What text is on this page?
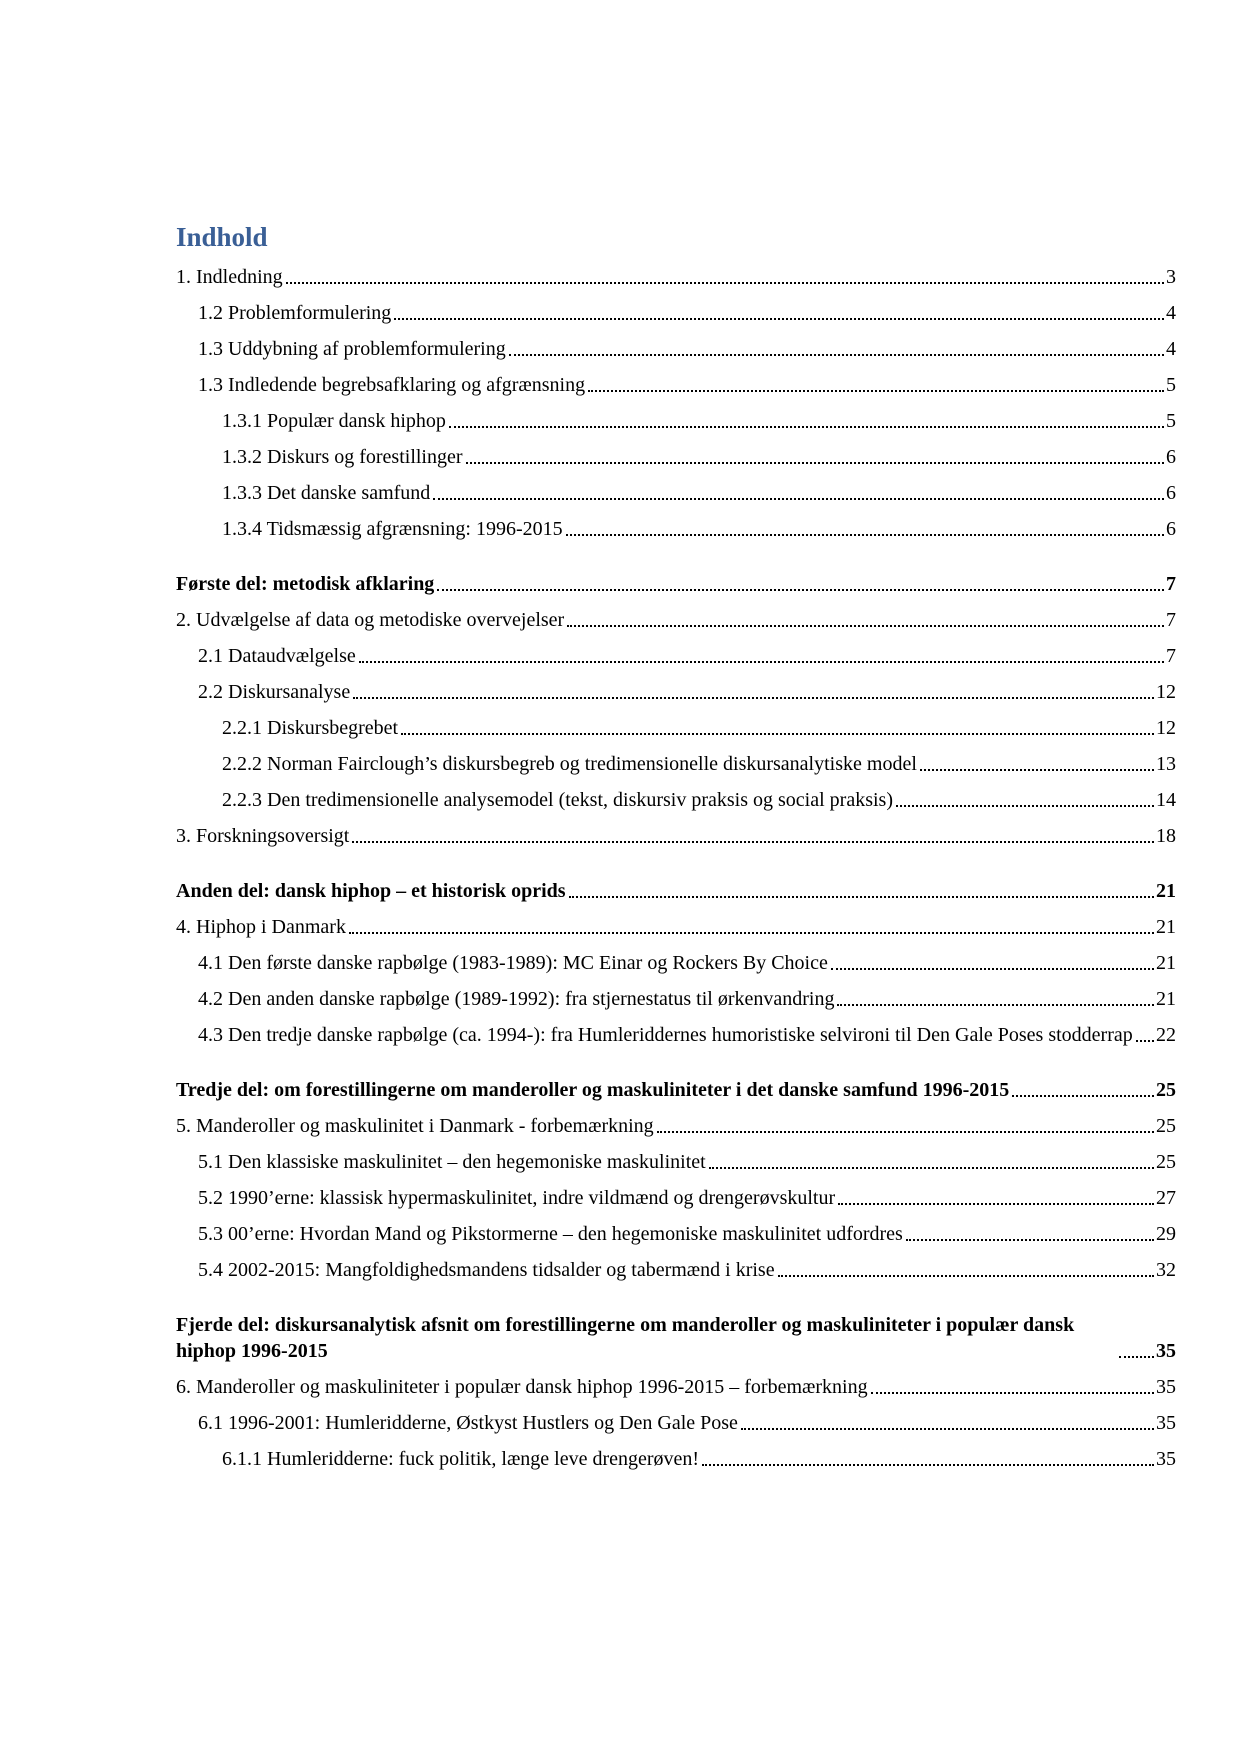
Indhold
1. Indledning	3
1.2 Problemformulering	4
1.3 Uddybning af problemformulering	4
1.3 Indledende begrebsafklaring og afgrænsning	5
1.3.1 Populær dansk hiphop	5
1.3.2 Diskurs og forestillinger	6
1.3.3 Det danske samfund	6
1.3.4 Tidsmæssig afgrænsning: 1996-2015	6
Første del: metodisk afklaring	7
2. Udvælgelse af data og metodiske overvejelser	7
2.1 Dataudvælgelse	7
2.2 Diskursanalyse	12
2.2.1 Diskursbegrebet	12
2.2.2 Norman Fairclough’s diskursbegreb og tredimensionelle diskursanalytiske model	13
2.2.3 Den tredimensionelle analysemodel (tekst, diskursiv praksis og social praksis)	14
3. Forskningsoversigt	18
Anden del: dansk hiphop – et historisk oprids	21
4. Hiphop i Danmark	21
4.1 Den første danske rapbølge (1983-1989): MC Einar og Rockers By Choice	21
4.2 Den anden danske rapbølge (1989-1992): fra stjernestatus til ørkenvandring	21
4.3 Den tredje danske rapbølge (ca. 1994-): fra Humleriddernes humoristiske selvironi til Den Gale Poses stodderrap 22
Tredje del: om forestillingerne om manderoller og maskuliniteter i det danske samfund 1996-2015	25
5. Manderoller og maskulinitet i Danmark - forbemærkning	25
5.1 Den klassiske maskulinitet – den hegemoniske maskulinitet	25
5.2 1990’erne: klassisk hypermaskulinitet, indre vildmænd og drengerøvskultur	27
5.3 00’erne: Hvordan Mand og Pikstormerne – den hegemoniske maskulinitet udfordres	29
5.4 2002-2015: Mangfoldighedsmandens tidsalder og tabermænd i krise	32
Fjerde del: diskursanalytisk afsnit om forestillingerne om manderoller og maskuliniteter i populær dansk hiphop 1996-2015	35
6. Manderoller og maskuliniteter i populær dansk hiphop 1996-2015 – forbemærkning	35
6.1 1996-2001: Humleridderne, Østkyst Hustlers og Den Gale Pose	35
6.1.1 Humleridderne: fuck politik, længe leve drengerøven!	35
